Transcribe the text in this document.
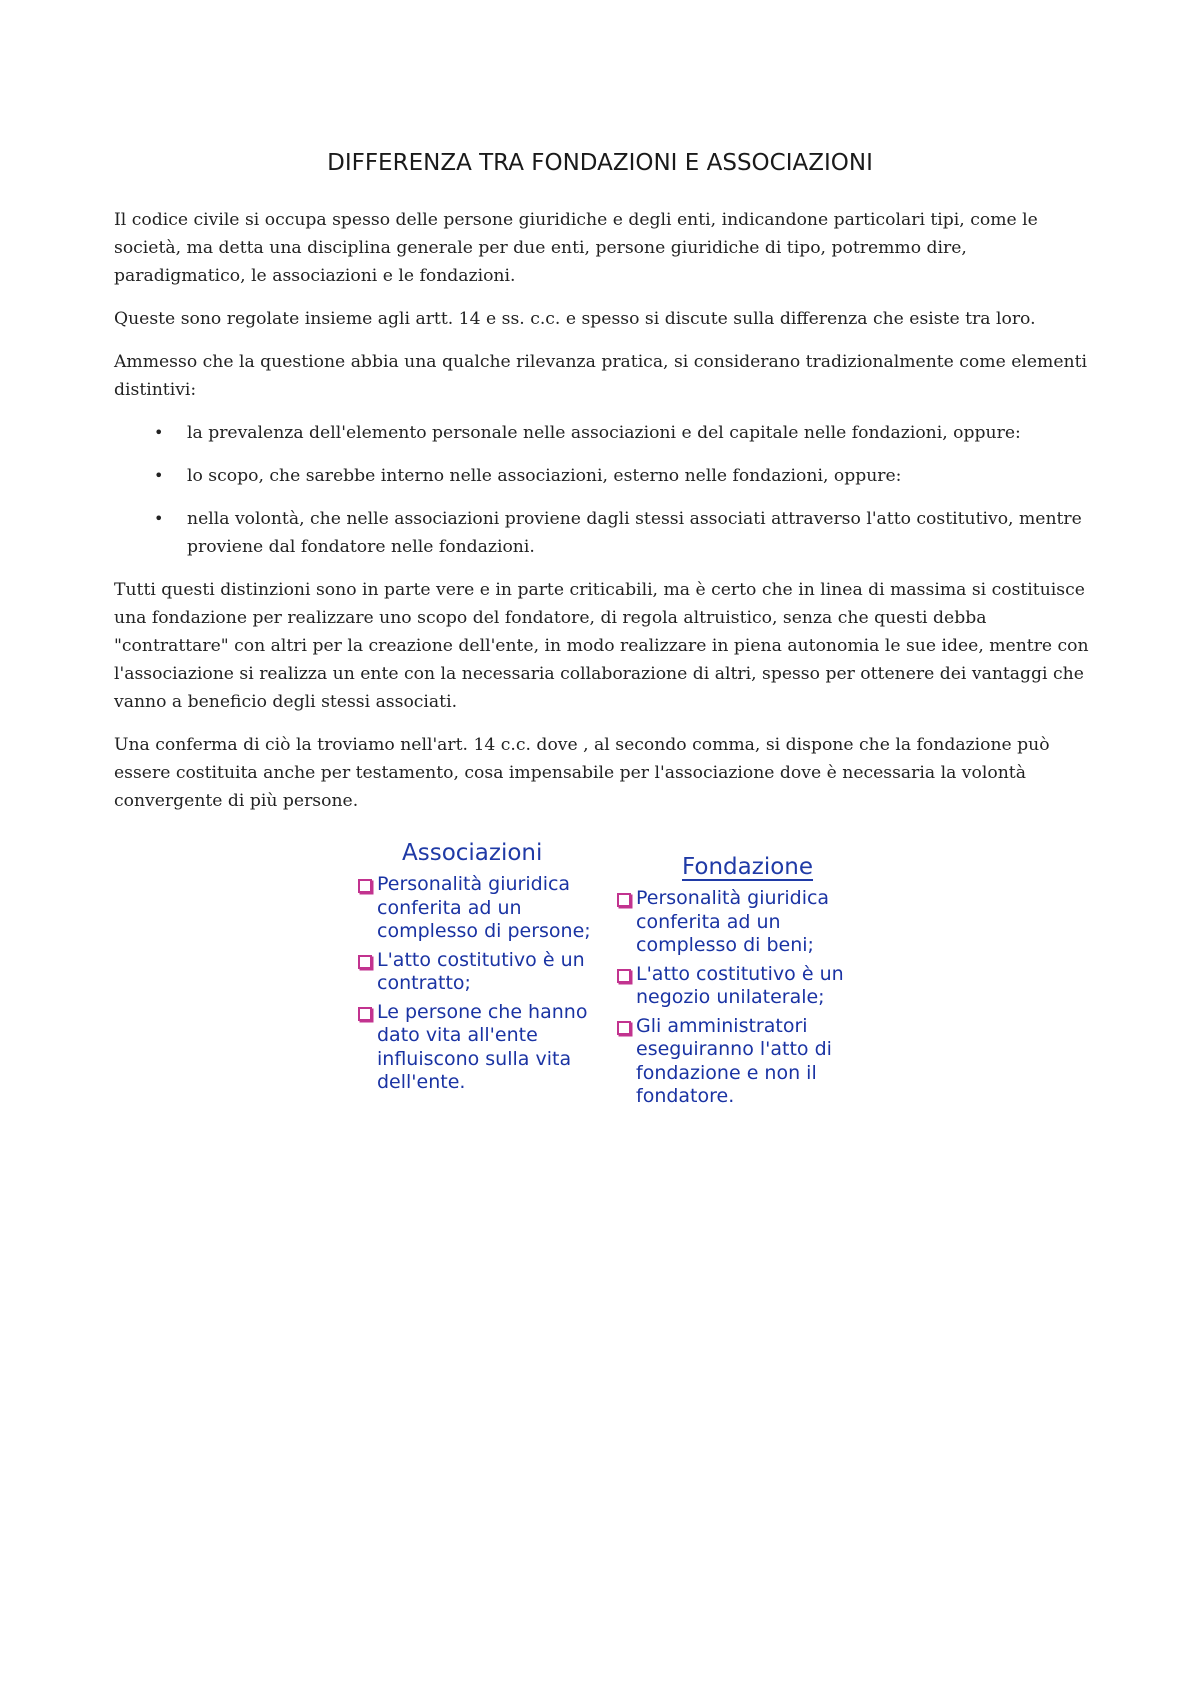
DIFFERENZA TRA FONDAZIONI E ASSOCIAZIONI

Il codice civile si occupa spesso delle persone giuridiche e degli enti, indicandone particolari tipi, come le società, ma detta una disciplina generale per due enti, persone giuridiche di tipo, potremmo dire, paradigmatico, le associazioni e le fondazioni.

Queste sono regolate insieme agli artt. 14 e ss. c.c. e spesso si discute sulla differenza che esiste tra loro.

Ammesso che la questione abbia una qualche rilevanza pratica, si considerano tradizionalmente come elementi distintivi:

• la prevalenza dell'elemento personale nelle associazioni e del capitale nelle fondazioni, oppure:
• lo scopo, che sarebbe interno nelle associazioni, esterno nelle fondazioni, oppure:
• nella volontà, che nelle associazioni proviene dagli stessi associati attraverso l'atto costitutivo, mentre proviene dal fondatore nelle fondazioni.

Tutti questi distinzioni sono in parte vere e in parte criticabili, ma è certo che in linea di massima si costituisce una fondazione per realizzare uno scopo del fondatore, di regola altruistico, senza che questi debba "contrattare" con altri per la creazione dell'ente, in modo realizzare in piena autonomia le sue idee, mentre con l'associazione si realizza un ente con la necessaria collaborazione di altri, spesso per ottenere dei vantaggi che vanno a beneficio degli stessi associati.

Una conferma di ciò la troviamo nell'art. 14 c.c. dove , al secondo comma, si dispone che la fondazione può essere costituita anche per testamento, cosa impensabile per l'associazione dove è necessaria la volontà convergente di più persone.

Associazioni
Personalità giuridica conferita ad un complesso di persone;
L'atto costitutivo è un contratto;
Le persone che hanno dato vita all'ente influiscono sulla vita dell'ente.
Fondazione
Personalità giuridica conferita ad un complesso di beni;
L'atto costitutivo è un negozio unilaterale;
Gli amministratori eseguiranno l'atto di fondazione e non il fondatore.
